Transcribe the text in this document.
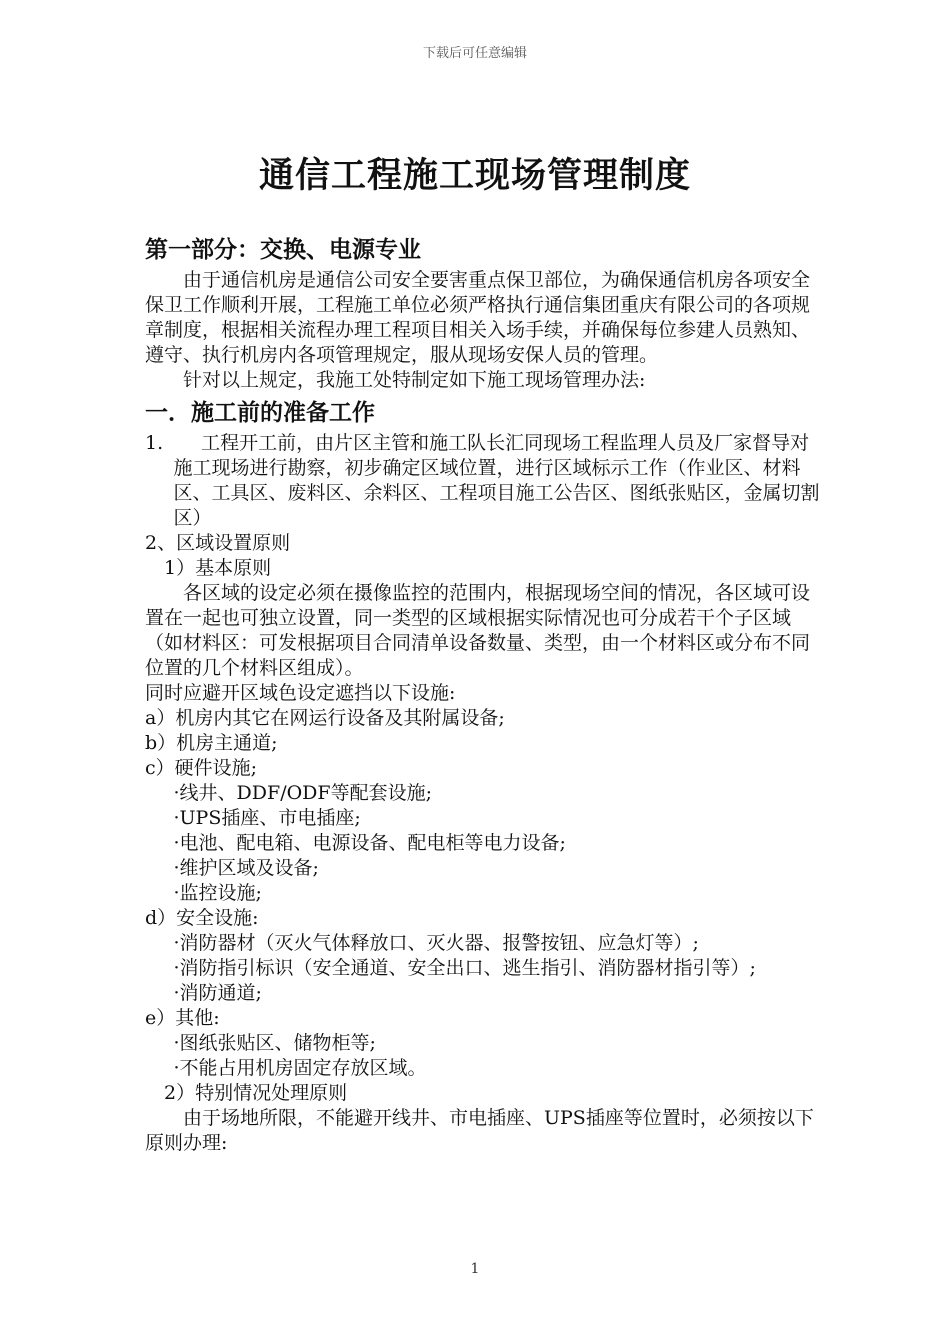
下载后可任意编辑
通信工程施工现场管理制度
第一部分：交换、电源专业

由于通信机房是通信公司安全要害重点保卫部位，为确保通信机房各项安全保卫工作顺利开展，工程施工单位必须严格执行通信集团重庆有限公司的各项规章制度，根据相关流程办理工程项目相关入场手续，并确保每位参建人员熟知、遵守、执行机房内各项管理规定，服从现场安保人员的管理。

针对以上规定，我施工处特制定如下施工现场管理办法:

一．施工前的准备工作

1.　　工程开工前，由片区主管和施工队长汇同现场工程监理人员及厂家督导对施工现场进行勘察，初步确定区域位置，进行区域标示工作（作业区、材料区、工具区、废料区、余料区、工程项目施工公告区、图纸张贴区，金属切割区）

2、区域设置原则

1）基本原则

各区域的设定必须在摄像监控的范围内，根据现场空间的情况，各区域可设置在一起也可独立设置，同一类型的区域根据实际情况也可分成若干个子区域（如材料区：可发根据项目合同清单设备数量、类型，由一个材料区或分布不同位置的几个材料区组成）。

同时应避开区域色设定遮挡以下设施:

a）机房内其它在网运行设备及其附属设备;

b）机房主通道;

c）硬件设施;

·线井、DDF/ODF等配套设施;

·UPS插座、市电插座;

·电池、配电箱、电源设备、配电柜等电力设备;

·维护区域及设备;

·监控设施;

d）安全设施:

·消防器材（灭火气体释放口、灭火器、报警按钮、应急灯等）;

·消防指引标识（安全通道、安全出口、逃生指引、消防器材指引等）;

·消防通道;

e）其他:

·图纸张贴区、储物柜等;

·不能占用机房固定存放区域。

2）特别情况处理原则

由于场地所限，不能避开线井、市电插座、UPS插座等位置时，必须按以下原则办理:

1
